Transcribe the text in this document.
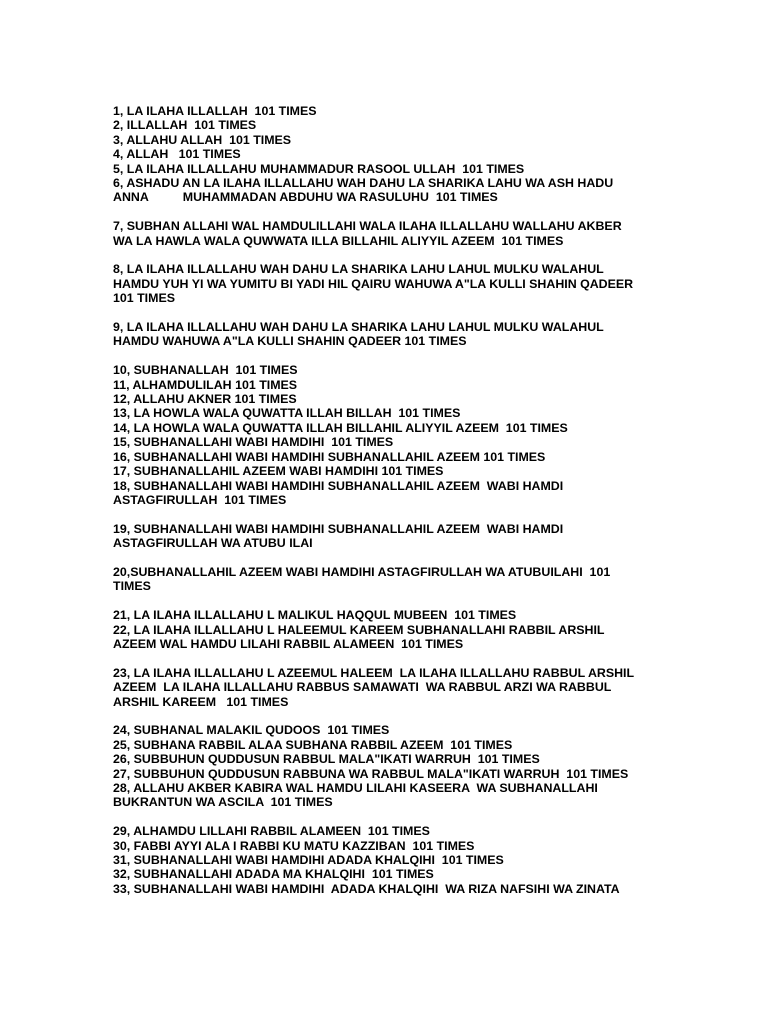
1, LA ILAHA ILLALLAH  101 TIMES
2, ILLALLAH  101 TIMES
3, ALLAHU ALLAH  101 TIMES
4, ALLAH   101 TIMES
5, LA ILAHA ILLALLAHU MUHAMMADUR RASOOL ULLAH  101 TIMES
6, ASHADU AN LA ILAHA ILLALLAHU WAH DAHU LA SHARIKA LAHU WA ASH HADU
ANNA          MUHAMMADAN ABDUHU WA RASULUHU  101 TIMES
7, SUBHAN ALLAHI WAL HAMDULILLAHI WALA ILAHA ILLALLAHU WALLAHU AKBER
WA LA HAWLA WALA QUWWATA ILLA BILLAHIL ALIYYIL AZEEM  101 TIMES
8, LA ILAHA ILLALLAHU WAH DAHU LA SHARIKA LAHU LAHUL MULKU WALAHUL
HAMDU YUH YI WA YUMITU BI YADI HIL QAIRU WAHUWA A"LA KULLI SHAHIN QADEER
101 TIMES
9, LA ILAHA ILLALLAHU WAH DAHU LA SHARIKA LAHU LAHUL MULKU WALAHUL
HAMDU WAHUWA A"LA KULLI SHAHIN QADEER 101 TIMES
10, SUBHANALLAH  101 TIMES
11, ALHAMDULILAH 101 TIMES
12, ALLAHU AKNER 101 TIMES
13, LA HOWLA WALA QUWATTA ILLAH BILLAH  101 TIMES
14, LA HOWLA WALA QUWATTA ILLAH BILLAHIL ALIYYIL AZEEM  101 TIMES
15, SUBHANALLAHI WABI HAMDIHI  101 TIMES
16, SUBHANALLAHI WABI HAMDIHI SUBHANALLAHIL AZEEM 101 TIMES
17, SUBHANALLAHIL AZEEM WABI HAMDIHI 101 TIMES
18, SUBHANALLAHI WABI HAMDIHI SUBHANALLAHIL AZEEM  WABI HAMDI
ASTAGFIRULLAH  101 TIMES
19, SUBHANALLAHI WABI HAMDIHI SUBHANALLAHIL AZEEM  WABI HAMDI
ASTAGFIRULLAH WA ATUBU ILAI
20,SUBHANALLAHIL AZEEM WABI HAMDIHI ASTAGFIRULLAH WA ATUBUILAHI  101
TIMES
21, LA ILAHA ILLALLAHU L MALIKUL HAQQUL MUBEEN  101 TIMES
22, LA ILAHA ILLALLAHU L HALEEMUL KAREEM SUBHANALLAHI RABBIL ARSHIL
AZEEM WAL HAMDU LILAHI RABBIL ALAMEEN  101 TIMES
23, LA ILAHA ILLALLAHU L AZEEMUL HALEEM  LA ILAHA ILLALLAHU RABBUL ARSHIL
AZEEM  LA ILAHA ILLALLAHU RABBUS SAMAWATI  WA RABBUL ARZI WA RABBUL
ARSHIL KAREEM   101 TIMES
24, SUBHANAL MALAKIL QUDOOS  101 TIMES
25, SUBHANA RABBIL ALAA SUBHANA RABBIL AZEEM  101 TIMES
26, SUBBUHUN QUDDUSUN RABBUL MALA"IKATI WARRUH  101 TIMES
27, SUBBUHUN QUDDUSUN RABBUNA WA RABBUL MALA"IKATI WARRUH  101 TIMES
28, ALLAHU AKBER KABIRA WAL HAMDU LILAHI KASEERA  WA SUBHANALLAHI
BUKRANTUN WA ASCILA  101 TIMES
29, ALHAMDU LILLAHI RABBIL ALAMEEN  101 TIMES
30, FABBI AYYI ALA I RABBI KU MATU KAZZIBAN  101 TIMES
31, SUBHANALLAHI WABI HAMDIHI ADADA KHALQIHI  101 TIMES
32, SUBHANALLAHI ADADA MA KHALQIHI  101 TIMES
33, SUBHANALLAHI WABI HAMDIHI  ADADA KHALQIHI  WA RIZA NAFSIHI WA ZINATA
